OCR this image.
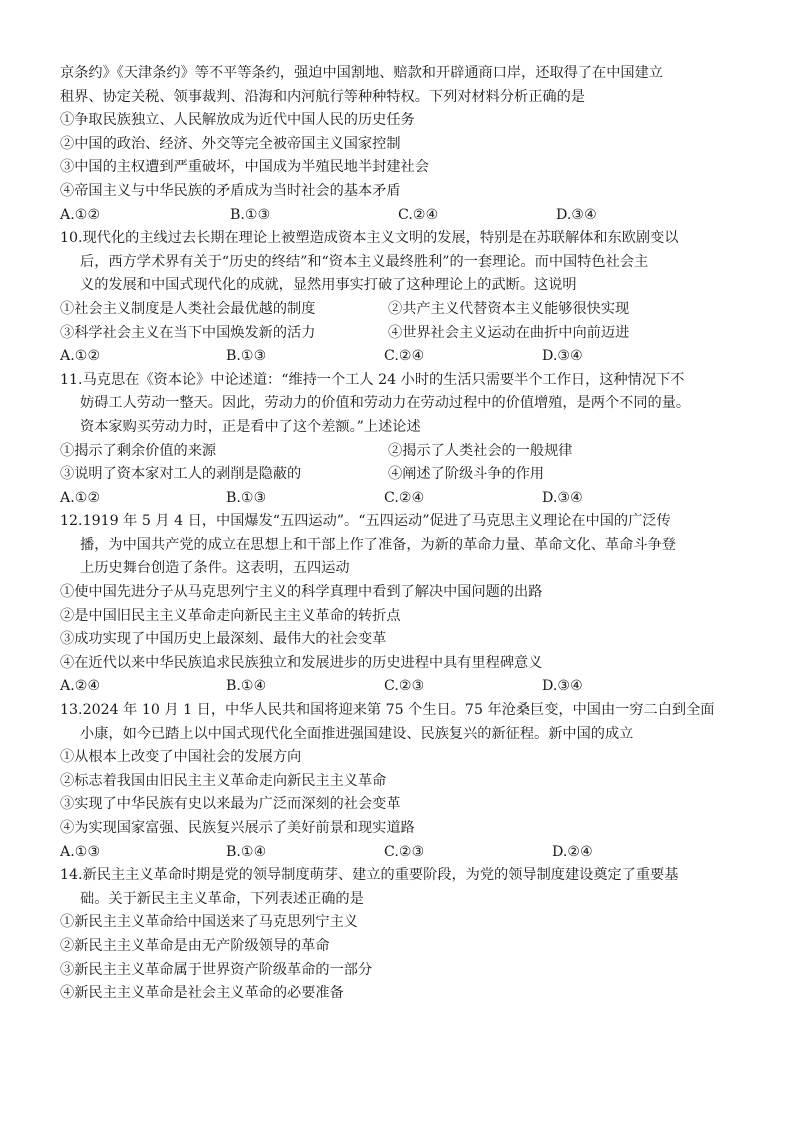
京条约》《天津条约》等不平等条约，强迫中国割地、赔款和开辟通商口岸，还取得了在中国建立
租界、协定关税、领事裁判、沿海和内河航行等种种特权。下列对材料分析正确的是
①争取民族独立、人民解放成为近代中国人民的历史任务
②中国的政治、经济、外交等完全被帝国主义国家控制
③中国的主权遭到严重破坏，中国成为半殖民地半封建社会
④帝国主义与中华民族的矛盾成为当时社会的基本矛盾
A.①②	B.①③	C.②④	D.③④
10.现代化的主线过去长期在理论上被塑造成资本主义文明的发展，特别是在苏联解体和东欧剧变以
后，西方学术界有关于“历史的终结”和“资本主义最终胜利”的一套理论。而中国特色社会主
义的发展和中国式现代化的成就，显然用事实打破了这种理论上的武断。这说明
①社会主义制度是人类社会最优越的制度	②共产主义代替资本主义能够很快实现
③科学社会主义在当下中国焕发新的活力	④世界社会主义运动在曲折中向前迈进
A.①②	B.①③	C.②④	D.③④
11.马克思在《资本论》中论述道：“维持一个工人 24 小时的生活只需要半个工作日，这种情况下不
妨碍工人劳动一整天。因此，劳动力的价值和劳动力在劳动过程中的价值增殖，是两个不同的量。
资本家购买劳动力时，正是看中了这个差额。”上述论述
①揭示了剩余价值的来源	②揭示了人类社会的一般规律
③说明了资本家对工人的剥削是隐蔽的	④阐述了阶级斗争的作用
A.①②	B.①③	C.②④	D.③④
12.1919 年 5 月 4 日，中国爆发“五四运动”。“五四运动”促进了马克思主义理论在中国的广泛传
播，为中国共产党的成立在思想上和干部上作了准备，为新的革命力量、革命文化、革命斗争登
上历史舞台创造了条件。这表明，五四运动
①使中国先进分子从马克思列宁主义的科学真理中看到了解决中国问题的出路
②是中国旧民主主义革命走向新民主主义革命的转折点
③成功实现了中国历史上最深刻、最伟大的社会变革
④在近代以来中华民族追求民族独立和发展进步的历史进程中具有里程碑意义
A.②④	B.①④	C.②③	D.③④
13.2024 年 10 月 1 日，中华人民共和国将迎来第 75 个生日。75 年沧桑巨变，中国由一穷二白到全面
小康，如今已踏上以中国式现代化全面推进强国建设、民族复兴的新征程。新中国的成立
①从根本上改变了中国社会的发展方向
②标志着我国由旧民主主义革命走向新民主主义革命
③实现了中华民族有史以来最为广泛而深刻的社会变革
④为实现国家富强、民族复兴展示了美好前景和现实道路
A.①③	B.①④	C.②③	D.②④
14.新民主主义革命时期是党的领导制度萌芽、建立的重要阶段，为党的领导制度建设奠定了重要基
础。关于新民主主义革命，下列表述正确的是
①新民主主义革命给中国送来了马克思列宁主义
②新民主主义革命是由无产阶级领导的革命
③新民主主义革命属于世界资产阶级革命的一部分
④新民主主义革命是社会主义革命的必要准备
